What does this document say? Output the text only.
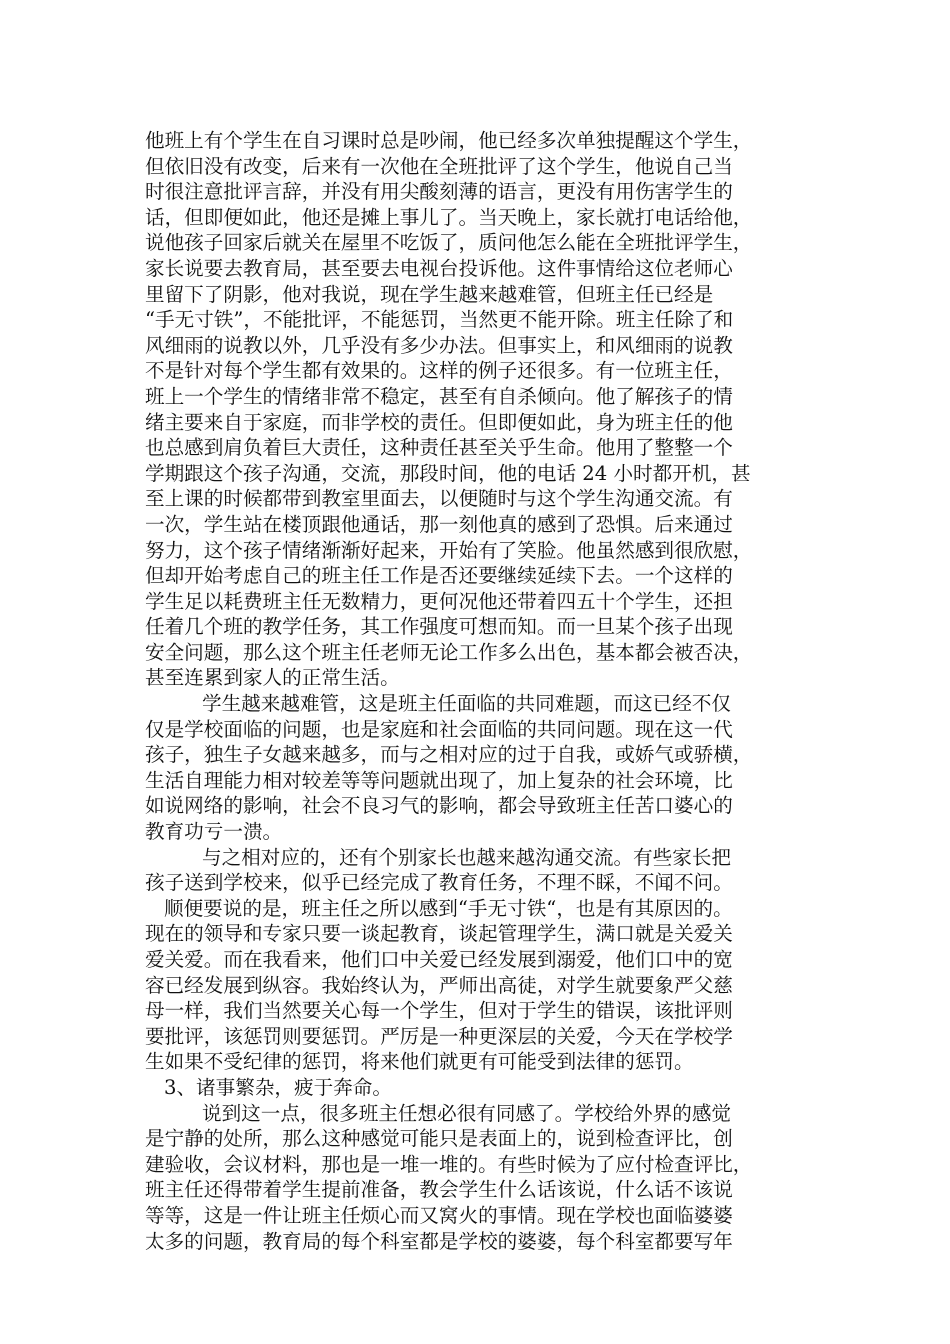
他班上有个学生在自习课时总是吵闹，他已经多次单独提醒这个学生，
但依旧没有改变，后来有一次他在全班批评了这个学生，他说自己当
时很注意批评言辞，并没有用尖酸刻薄的语言，更没有用伤害学生的
话，但即便如此，他还是摊上事儿了。当天晚上，家长就打电话给他，
说他孩子回家后就关在屋里不吃饭了，质问他怎么能在全班批评学生，
家长说要去教育局，甚至要去电视台投诉他。这件事情给这位老师心
里留下了阴影，他对我说，现在学生越来越难管，但班主任已经是
“手无寸铁”，不能批评，不能惩罚，当然更不能开除。班主任除了和
风细雨的说教以外，几乎没有多少办法。但事实上，和风细雨的说教
不是针对每个学生都有效果的。这样的例子还很多。有一位班主任，
班上一个学生的情绪非常不稳定，甚至有自杀倾向。他了解孩子的情
绪主要来自于家庭，而非学校的责任。但即便如此，身为班主任的他
也总感到肩负着巨大责任，这种责任甚至关乎生命。他用了整整一个
学期跟这个孩子沟通，交流，那段时间，他的电话 24 小时都开机，甚
至上课的时候都带到教室里面去，以便随时与这个学生沟通交流。有
一次，学生站在楼顶跟他通话，那一刻他真的感到了恐惧。后来通过
努力，这个孩子情绪渐渐好起来，开始有了笑脸。他虽然感到很欣慰，
但却开始考虑自己的班主任工作是否还要继续延续下去。一个这样的
学生足以耗费班主任无数精力，更何况他还带着四五十个学生，还担
任着几个班的教学任务，其工作强度可想而知。而一旦某个孩子出现
安全问题，那么这个班主任老师无论工作多么出色，基本都会被否决，
甚至连累到家人的正常生活。
学生越来越难管，这是班主任面临的共同难题，而这已经不仅
仅是学校面临的问题，也是家庭和社会面临的共同问题。现在这一代
孩子，独生子女越来越多，而与之相对应的过于自我，或娇气或骄横，
生活自理能力相对较差等等问题就出现了，加上复杂的社会环境，比
如说网络的影响，社会不良习气的影响，都会导致班主任苦口婆心的
教育功亏一溃。
与之相对应的，还有个别家长也越来越沟通交流。有些家长把
孩子送到学校来，似乎已经完成了教育任务，不理不睬，不闻不问。
顺便要说的是，班主任之所以感到“手无寸铁“，也是有其原因的。
现在的领导和专家只要一谈起教育，谈起管理学生，满口就是关爱关
爱关爱。而在我看来，他们口中关爱已经发展到溺爱，他们口中的宽
容已经发展到纵容。我始终认为，严师出高徒，对学生就要象严父慈
母一样，我们当然要关心每一个学生，但对于学生的错误，该批评则
要批评，该惩罚则要惩罚。严厉是一种更深层的关爱，今天在学校学
生如果不受纪律的惩罚，将来他们就更有可能受到法律的惩罚。
3、诸事繁杂，疲于奔命。
说到这一点，很多班主任想必很有同感了。学校给外界的感觉
是宁静的处所，那么这种感觉可能只是表面上的，说到检查评比，创
建验收，会议材料，那也是一堆一堆的。有些时候为了应付检查评比，
班主任还得带着学生提前准备，教会学生什么话该说，什么话不该说
等等，这是一件让班主任烦心而又窝火的事情。现在学校也面临婆婆
太多的问题，教育局的每个科室都是学校的婆婆，每个科室都要写年
